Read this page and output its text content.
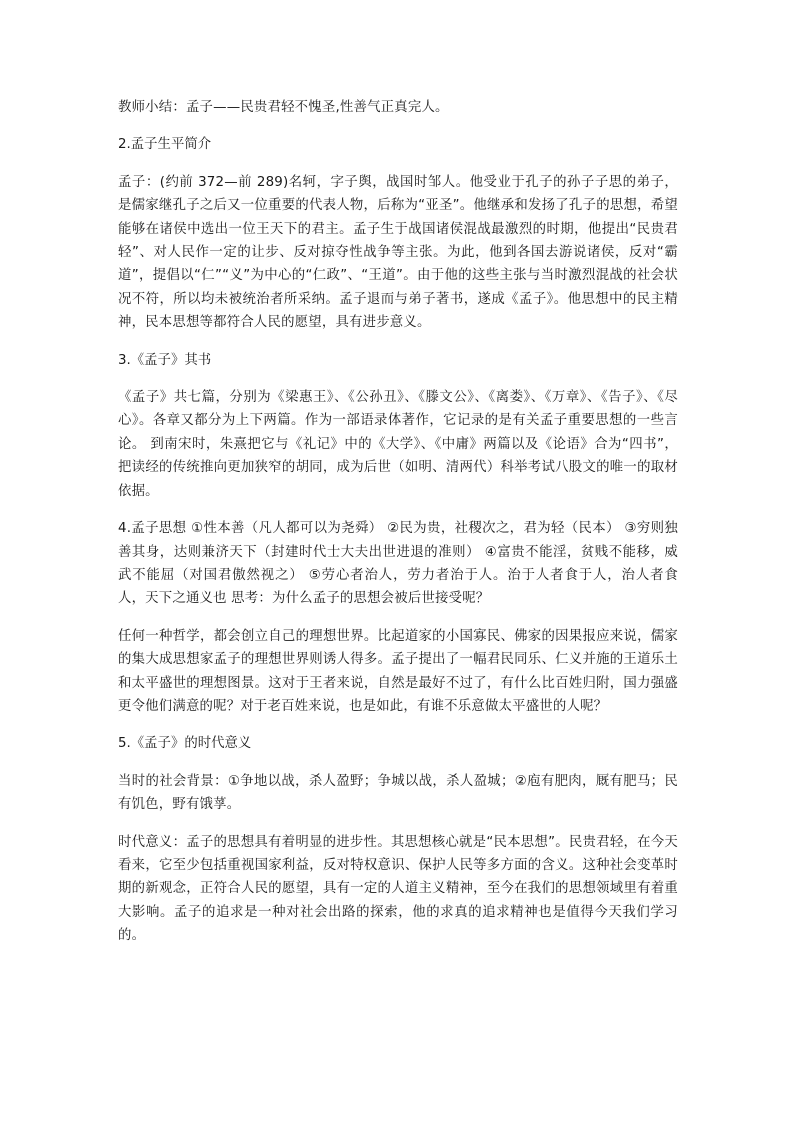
教师小结：孟子——民贵君轻不愧圣,性善气正真完人。

2.孟子生平简介

孟子：(约前 372—前 289)名轲，字子舆，战国时邹人。他受业于孔子的孙子子思的弟子，是儒家继孔子之后又一位重要的代表人物，后称为“亚圣”。他继承和发扬了孔子的思想，希望能够在诸侯中选出一位王天下的君主。孟子生于战国诸侯混战最激烈的时期，他提出“民贵君轻”、对人民作一定的让步、反对掠夺性战争等主张。为此，他到各国去游说诸侯，反对“霸道”，提倡以“仁”“义”为中心的“仁政”、“王道”。由于他的这些主张与当时激烈混战的社会状况不符，所以均未被统治者所采纳。孟子退而与弟子著书，遂成《孟子》。他思想中的民主精神，民本思想等都符合人民的愿望，具有进步意义。

3.《孟子》其书

《孟子》共七篇，分别为《梁惠王》、《公孙丑》、《滕文公》、《离娄》、《万章》、《告子》、《尽心》。各章又都分为上下两篇。作为一部语录体著作，它记录的是有关孟子重要思想的一些言论。 到南宋时，朱熹把它与《礼记》中的《大学》、《中庸》两篇以及《论语》合为“四书”，把读经的传统推向更加狭窄的胡同，成为后世（如明、清两代）科举考试八股文的唯一的取材依据。

4.孟子思想 ①性本善（凡人都可以为尧舜） ②民为贵，社稷次之，君为轻（民本） ③穷则独善其身，达则兼济天下（封建时代士大夫出世进退的准则） ④富贵不能淫，贫贱不能移，威武不能屈（对国君傲然视之） ⑤劳心者治人，劳力者治于人。治于人者食于人，治人者食人，天下之通义也 思考：为什么孟子的思想会被后世接受呢？

任何一种哲学，都会创立自己的理想世界。比起道家的小国寡民、佛家的因果报应来说，儒家的集大成思想家孟子的理想世界则诱人得多。孟子提出了一幅君民同乐、仁义并施的王道乐土和太平盛世的理想图景。这对于王者来说，自然是最好不过了，有什么比百姓归附，国力强盛更令他们满意的呢？对于老百姓来说，也是如此，有谁不乐意做太平盛世的人呢？

5.《孟子》的时代意义

当时的社会背景：①争地以战，杀人盈野；争城以战，杀人盈城；②庖有肥肉，厩有肥马；民有饥色，野有饿莩。

时代意义：孟子的思想具有着明显的进步性。其思想核心就是“民本思想”。民贵君轻，在今天看来，它至少包括重视国家利益，反对特权意识、保护人民等多方面的含义。这种社会变革时期的新观念，正符合人民的愿望，具有一定的人道主义精神，至今在我们的思想领域里有着重大影响。孟子的追求是一种对社会出路的探索，他的求真的追求精神也是值得今天我们学习的。
